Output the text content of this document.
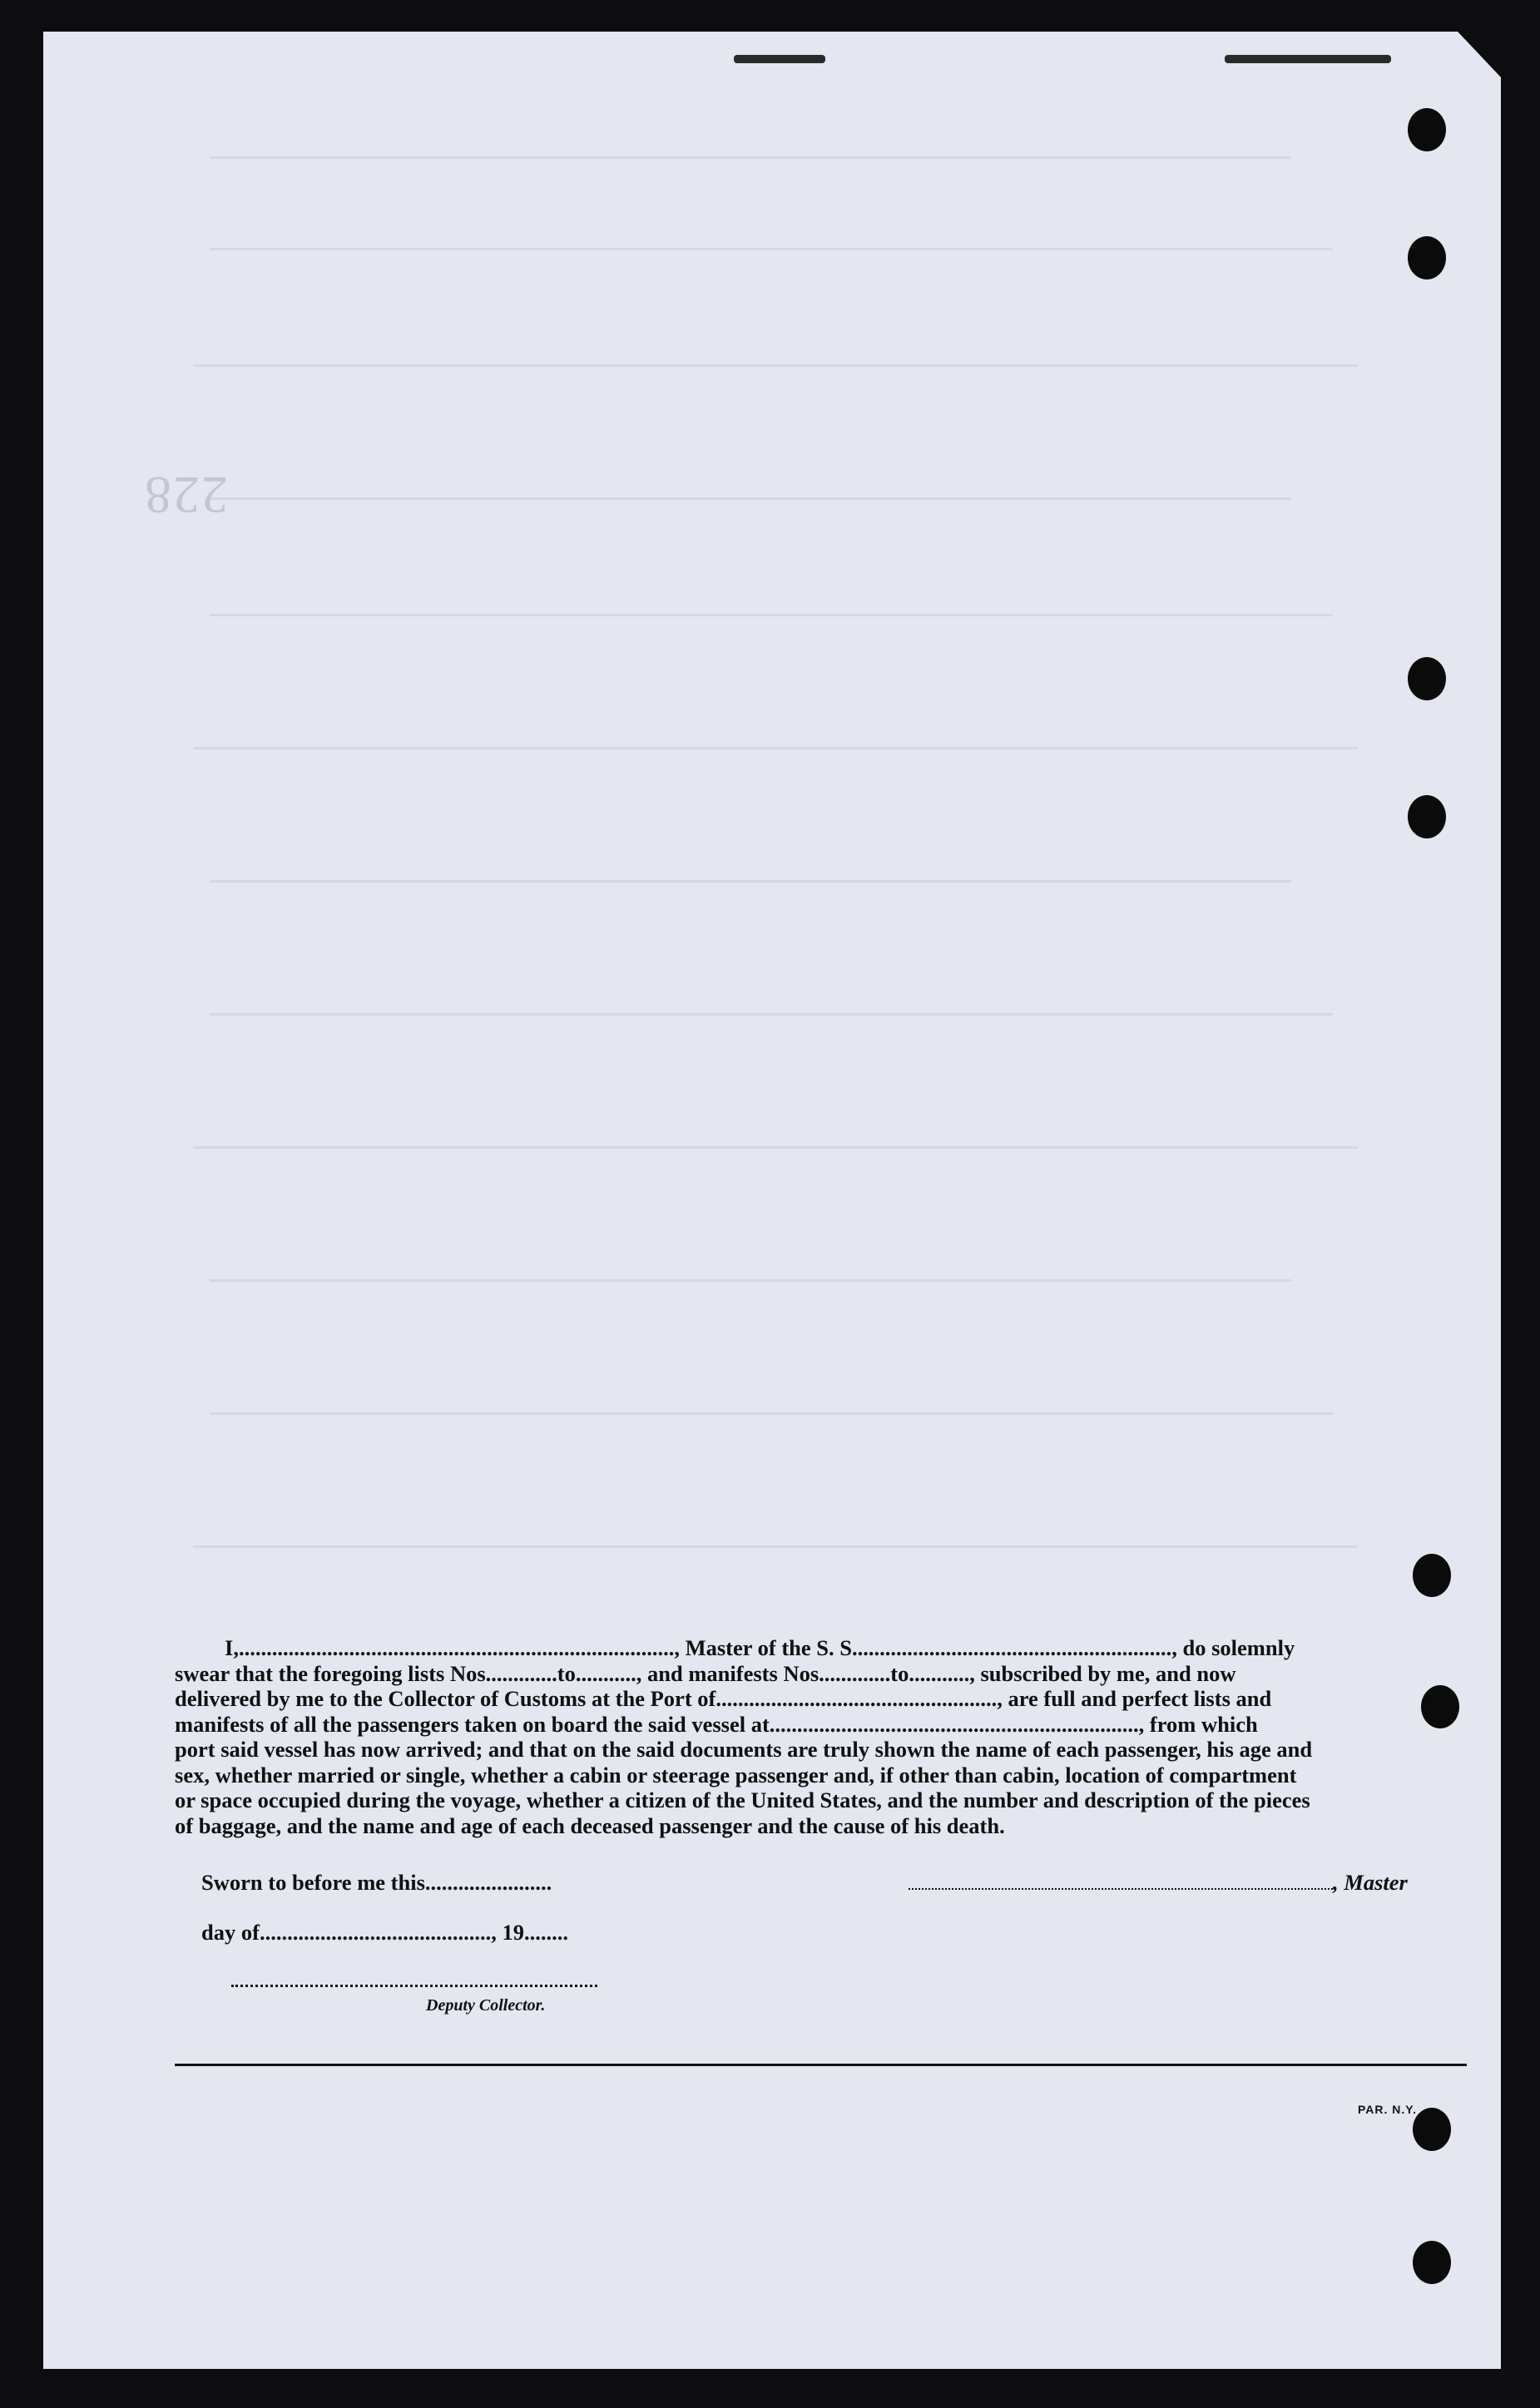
228

I,..............................................................................., Master of the S. S.........................................................., do solemnly

swear that the foregoing lists Nos.............to..........., and manifests Nos.............to..........., subscribed by me, and now

delivered by me to the Collector of Customs at the Port of..................................................., are full and perfect lists and

manifests of all the passengers taken on board the said vessel at..................................................................., from which

port said vessel has now arrived; and that on the said documents are truly shown the name of each passenger, his age and

sex, whether married or single, whether a cabin or steerage passenger and, if other than cabin, location of compartment

or space occupied during the voyage, whether a citizen of the United States, and the number and description of the pieces

of baggage, and the name and age of each deceased passenger and the cause of his death.

Sworn to before me this.......................	, Master
day of.........................................., 19........
Deputy Collector.
PAR. N.Y.
